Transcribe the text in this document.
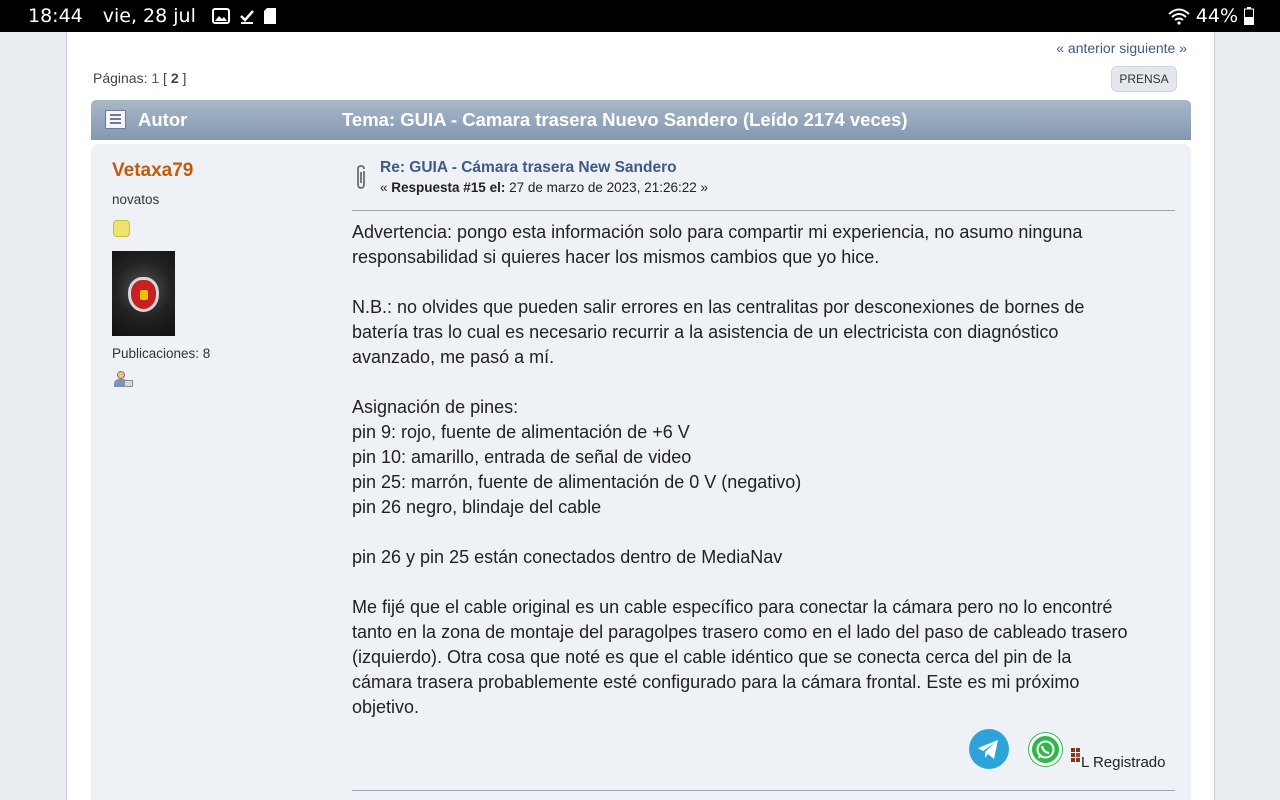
18:44 vie, 28 jul	44%
« anterior siguiente »
Páginas: 1 [ 2 ]	PRENSA
Autor	Tema: GUIA - Camara trasera Nuevo Sandero (Leído 2174 veces)
Vetaxa79
novatos
Publicaciones: 8
Re: GUIA - Cámara trasera New Sandero
« Respuesta #15 el: 27 de marzo de 2023, 21:26:22 »

Advertencia: pongo esta información solo para compartir mi experiencia, no asumo ninguna
responsabilidad si quieres hacer los mismos cambios que yo hice.

N.B.: no olvides que pueden salir errores en las centralitas por desconexiones de bornes de
batería tras lo cual es necesario recurrir a la asistencia de un electricista con diagnóstico
avanzado, me pasó a mí.

Asignación de pines:
pin 9: rojo, fuente de alimentación de +6 V
pin 10: amarillo, entrada de señal de video
pin 25: marrón, fuente de alimentación de 0 V (negativo)
pin 26 negro, blindaje del cable

pin 26 y pin 25 están conectados dentro de MediaNav

Me fijé que el cable original es un cable específico para conectar la cámara pero no lo encontré
tanto en la zona de montaje del paragolpes trasero como en el lado del paso de cableado trasero
(izquierdo). Otra cosa que noté es que el cable idéntico que se conecta cerca del pin de la
cámara trasera probablemente esté configurado para la cámara frontal. Este es mi próximo
objetivo.

L Registrado
